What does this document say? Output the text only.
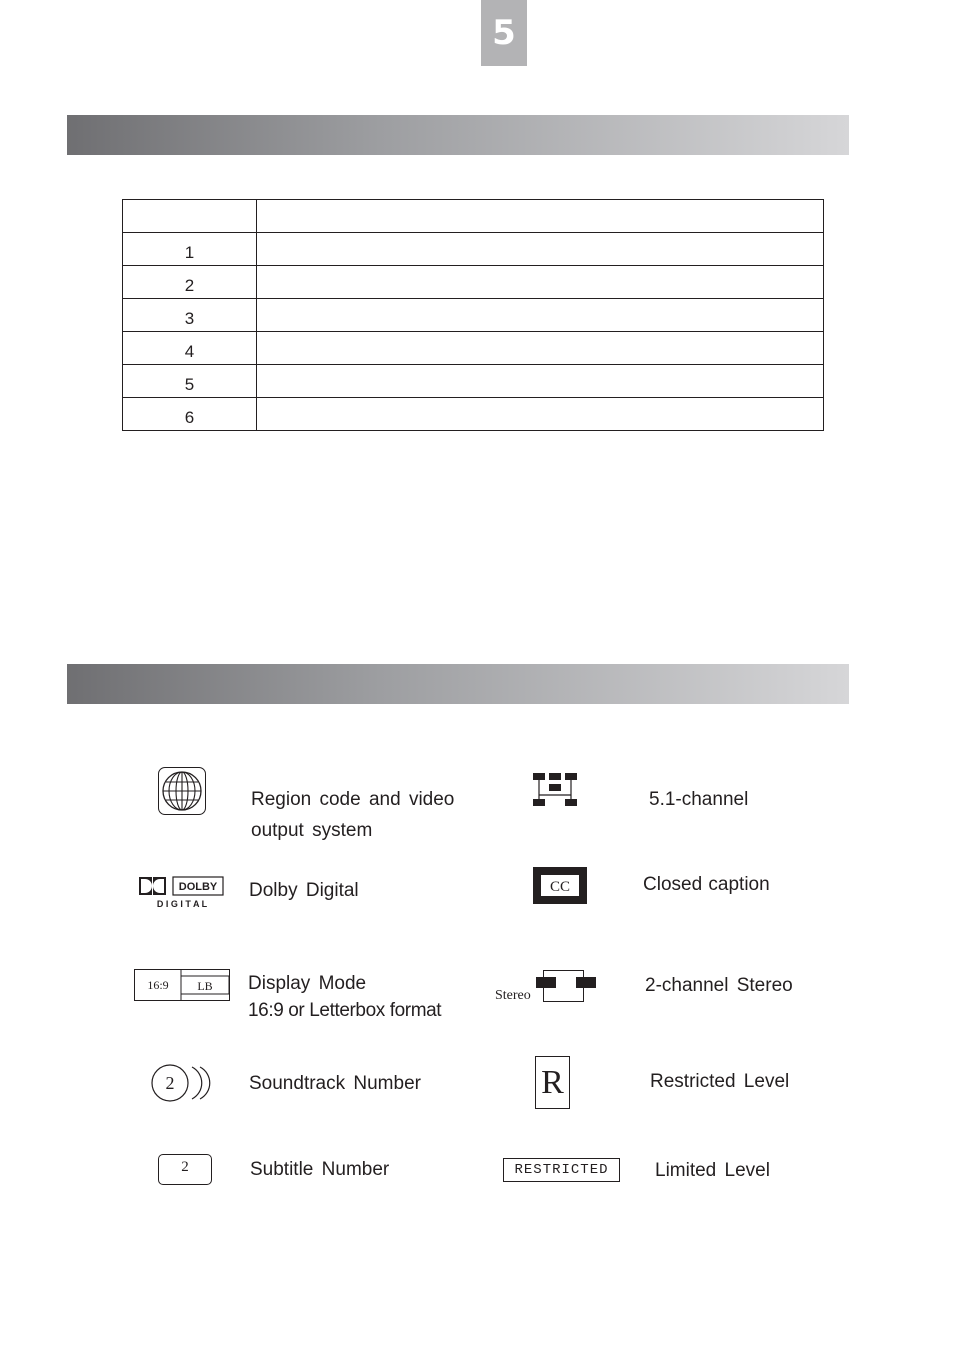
5

1	
2	
3	
4	
5	
6	
Region code and video
output system
DOLBY
D I G I T A L
Dolby Digital
16:9 LB Display Mode
16:9 or Letterbox format
2	Soundtrack Number
2	Subtitle Number
5.1-channel
CC	Closed caption
Stereo	2-channel Stereo
R	Restricted Level
RESTRICTED	Limited Level
